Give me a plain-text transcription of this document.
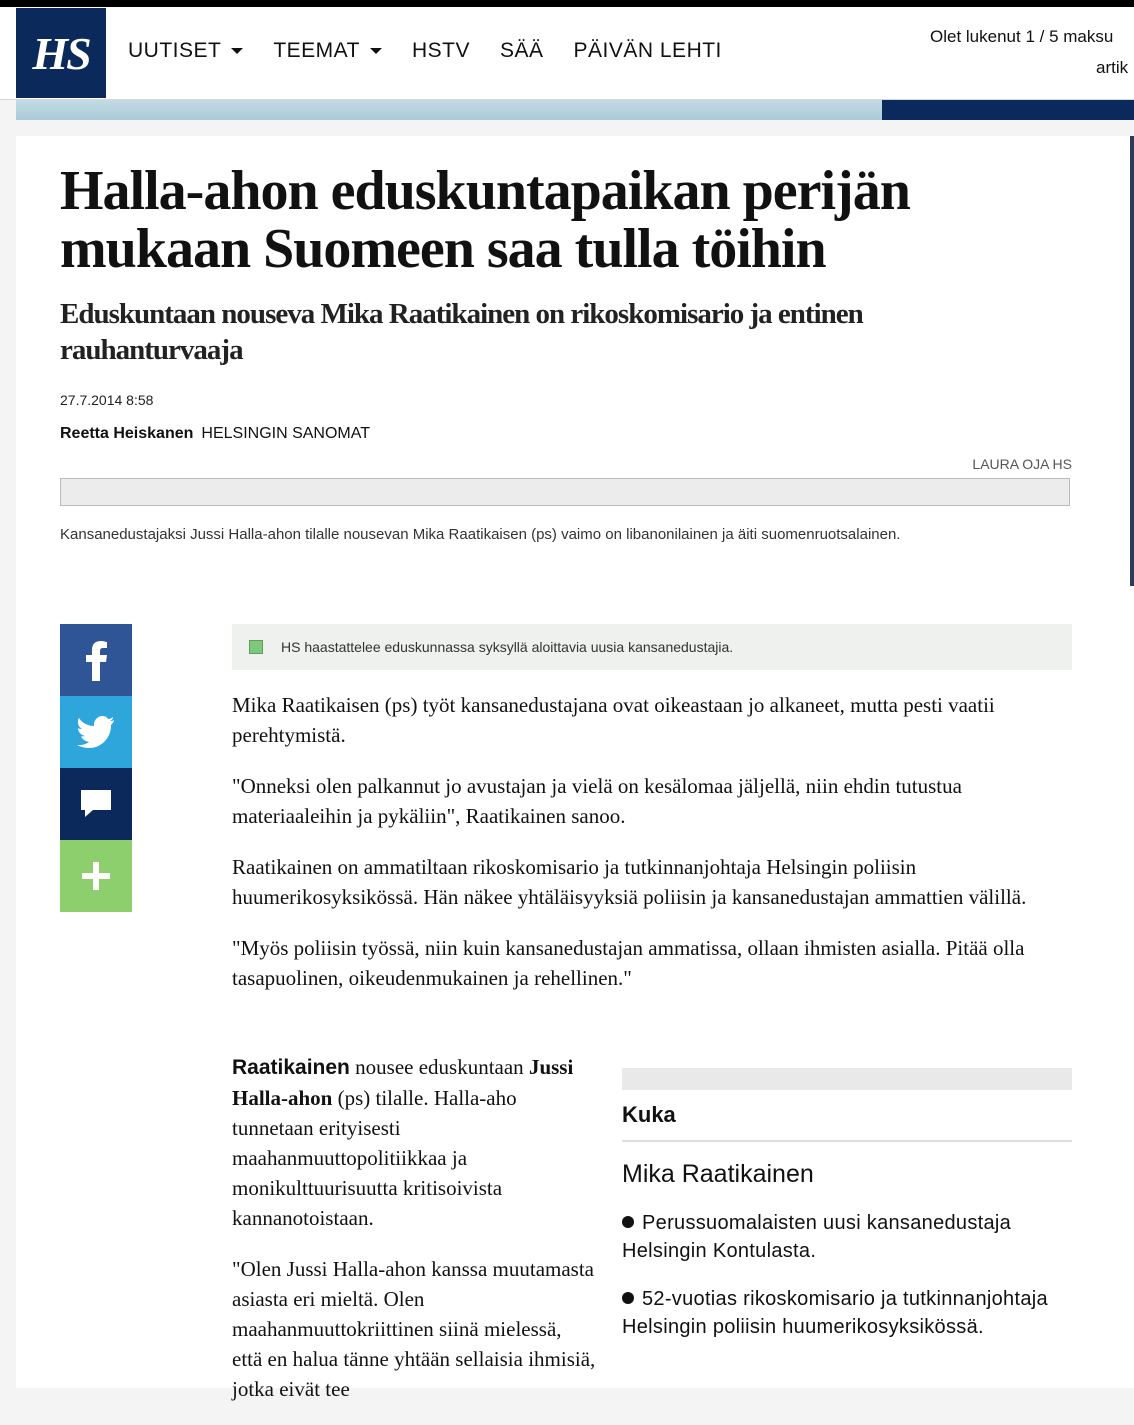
HS	UUTISET TEEMAT HSTV SÄÄ PÄIVÄN LEHTI
Olet lukenut 1 / 5 maksu
artik
Halla-ahon eduskuntapaikan perijän mukaan Suomeen saa tulla töihin
Eduskuntaan nouseva Mika Raatikainen on rikoskomisario ja entinen rauhanturvaaja
27.7.2014 8:58
Reetta Heiskanen HELSINGIN SANOMAT
LAURA OJA HS
Kansanedustajaksi Jussi Halla-ahon tilalle nousevan Mika Raatikaisen (ps) vaimo on libanonilainen ja äiti suomenruotsalainen.
HS haastattelee eduskunnassa syksyllä aloittavia uusia kansanedustajia.

Mika Raatikaisen (ps) työt kansanedustajana ovat oikeastaan jo alkaneet, mutta pesti vaatii perehtymistä.

"Onneksi olen palkannut jo avustajan ja vielä on kesälomaa jäljellä, niin ehdin tutustua materiaaleihin ja pykäliin", Raatikainen sanoo.

Raatikainen on ammatiltaan rikoskomisario ja tutkinnanjohtaja Helsingin poliisin huumerikosyksikössä. Hän näkee yhtäläisyyksiä poliisin ja kansanedustajan ammattien välillä.

"Myös poliisin työssä, niin kuin kansanedustajan ammatissa, ollaan ihmisten asialla. Pitää olla tasapuolinen, oikeudenmukainen ja rehellinen."

Raatikainen nousee eduskuntaan Jussi Halla-ahon (ps) tilalle. Halla-aho tunnetaan erityisesti maahanmuuttopolitiikkaa ja monikulttuurisuutta kritisoivista kannanotoistaan.

"Olen Jussi Halla-ahon kanssa muutamasta asiasta eri mieltä. Olen maahanmuuttokriittinen siinä mielessä, että en halua tänne yhtään sellaisia ihmisiä, jotka eivät tee

Kuka
Mika Raatikainen
Perussuomalaisten uusi kansanedustaja Helsingin Kontulasta.
52-vuotias rikoskomisario ja tutkinnanjohtaja Helsingin poliisin huumerikosyksikössä.
